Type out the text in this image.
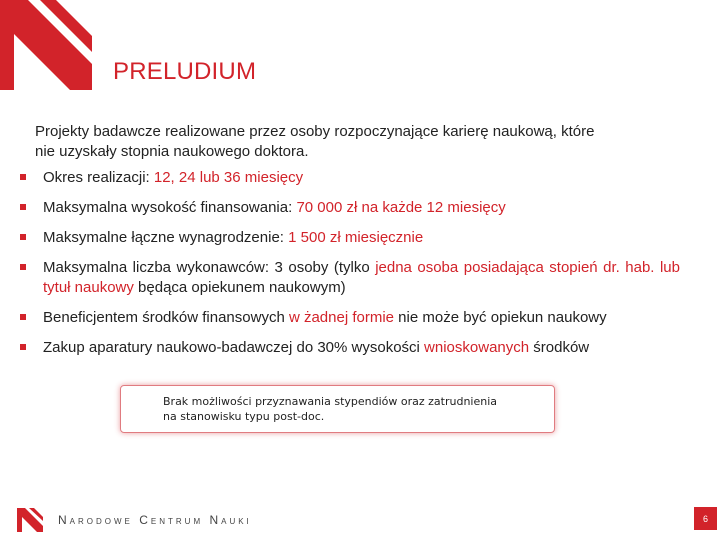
PRELUDIUM
Projekty badawcze realizowane przez osoby rozpoczynające karierę naukową, które
nie uzyskały stopnia naukowego doktora.
Okres realizacji: 12, 24 lub 36 miesięcy
Maksymalna wysokość finansowania: 70 000 zł na każde 12 miesięcy
Maksymalne łączne wynagrodzenie: 1 500 zł miesięcznie
Maksymalna liczba wykonawców: 3 osoby (tylko jedna osoba posiadająca stopień dr. hab. lub tytuł naukowy będąca opiekunem naukowym)
Beneficjentem środków finansowych w żadnej formie nie może być opiekun naukowy
Zakup aparatury naukowo-badawczej do 30% wysokości wnioskowanych środków
Brak możliwości przyznawania stypendiów oraz zatrudnienia
na stanowisku typu post-doc.
Narodowe Centrum Nauki	6
